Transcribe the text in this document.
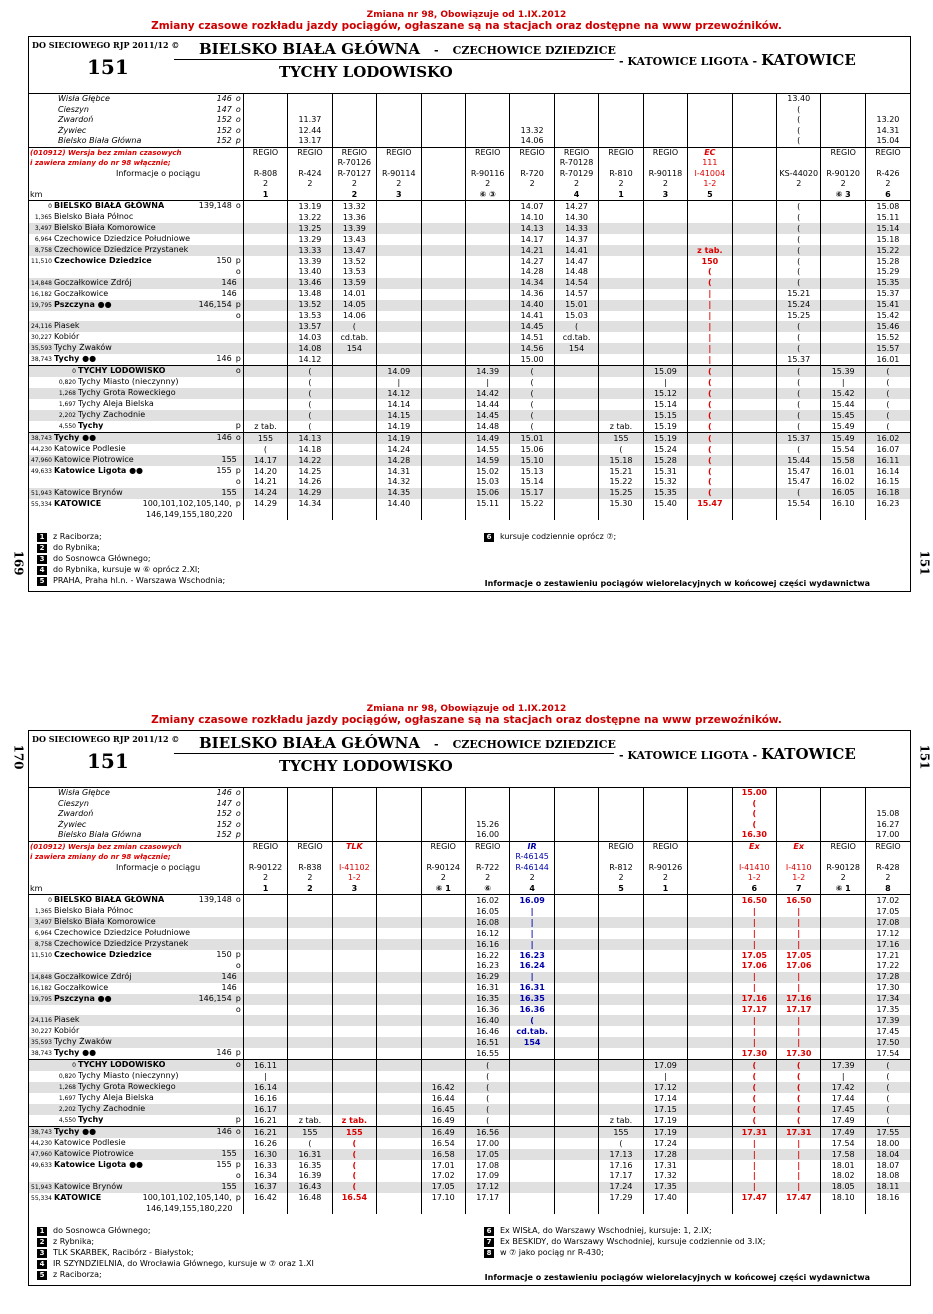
Zmiana nr 98, Obowiązuje od 1.IX.2012
Zmiany czasowe rozkładu jazdy pociągów, ogłaszane są na stacjach oraz dostępne na www przewoźników.
DO SIECIOWEGO RJP 2011/12 ©
151
BIELSKO BIAŁA GŁÓWNA - CZECHOWICE DZIEDZICE
TYCHY LODOWISKO
- KATOWICE LIGOTA - KATOWICE
Wisła Głębce 146 o													13.40		
Cieszyn 147 o													(		
Zwardoń 152 o		11.37											(		13.20
Żywiec 152 o		12.44					13.32						(		14.31
Bielsko Biała Główna 152 p		13.17					14.06						(		15.04
(010912) Wersja bez zmian czasowych	REGIO	REGIO	REGIO	REGIO		REGIO	REGIO	REGIO	REGIO	REGIO	EC			REGIO	REGIO
i zawiera zmiany do nr 98 włącznie;			R-70126					R-70128			111				
Informacje o pociągu	R-808	R-424	R-70127	R-90114		R-90116	R-720	R-70129	R-810	R-90118	I-41004		KS-44020	R-90120	R-426
	2	2	2	2		2	2	2	2	2	1-2		2	2	2
km	1		2	3		⑥ ③		4	1	3	5			⑥ 3	6
0 BIELSKO BIAŁA GŁÓWNA 139,148 o		13.19	13.32				14.07	14.27					(		15.08
1,365 Bielsko Biała Północ		13.22	13.36				14.10	14.30					(		15.11
3,497 Bielsko Biała Komorowice		13.25	13.39				14.13	14.33					(		15.14
6,964 Czechowice Dziedzice Południowe		13.29	13.43				14.17	14.37					(		15.18
8,758 Czechowice Dziedzice Przystanek		13.33	13.47				14.21	14.41			z tab.		(		15.22
11,510 Czechowice Dziedzice 150 p		13.39	13.52				14.27	14.47			150		(		15.28

o		13.40	13.53				14.28	14.48			(		(		15.29
14,848 Goczałkowice Zdrój 146		13.46	13.59				14.34	14.54			(		(		15.35
16,182 Goczałkowice 146		13.48	14.01				14.36	14.57			|		15.21		15.37
19,795 Pszczyna ●● 146,154 p		13.52	14.05				14.40	15.01			|		15.24		15.41

o		13.53	14.06				14.41	15.03			|		15.25		15.42
24,116 Piasek		13.57	(				14.45	(			|		(		15.46
30,227 Kobiór		14.03	cd.tab.				14.51	cd.tab.			|		(		15.52
35,593 Tychy Żwaków		14.08	154				14.56	154			|		(		15.57
38,743 Tychy ●● 146 p		14.12					15.00				|		15.37		16.01
0 TYCHY LODOWISKO o		(		14.09		14.39	(			15.09	(		(	15.39	(
0,820 Tychy Miasto (nieczynny)		(		|		|	(			|	(		(	|	(
1,268 Tychy Grota Roweckiego		(		14.12		14.42	(			15.12	(		(	15.42	(
1,697 Tychy Aleja Bielska		(		14.14		14.44	(			15.14	(		(	15.44	(
2,202 Tychy Zachodnie		(		14.15		14.45	(			15.15	(		(	15.45	(
4,550 Tychy p	z tab.	(		14.19		14.48	(		z tab.	15.19	(		(	15.49	(
38,743 Tychy ●● 146 o	155	14.13		14.19		14.49	15.01		155	15.19	(		15.37	15.49	16.02
44,230 Katowice Podlesie	(	14.18		14.24		14.55	15.06		(	15.24	(		(	15.54	16.07
47,960 Katowice Piotrowice 155	14.17	14.22		14.28		14.59	15.10		15.18	15.28	(		15.44	15.58	16.11
49,633 Katowice Ligota ●● 155 p	14.20	14.25		14.31		15.02	15.13		15.21	15.31	(		15.47	16.01	16.14

o	14.21	14.26		14.32		15.03	15.14		15.22	15.32	(		15.47	16.02	16.15
51,943 Katowice Brynów 155	14.24	14.29		14.35		15.06	15.17		15.25	15.35	(		(	16.05	16.18
55,334 KATOWICE 100,101,102,105,140, p	14.29	14.34		14.40		15.11	15.22		15.30	15.40	15.47		15.54	16.10	16.23
146,149,155,180,220															
1 z Raciborza;
2 do Rybnika;
3 do Sosnowca Głównego;
4 do Rybnika, kursuje w ⑥ oprócz 2.XI;
5 PRAHA, Praha hl.n. - Warszawa Wschodnia;
6 kursuje codziennie oprócz ⑦;
Informacje o zestawieniu pociągów wielorelacyjnych w końcowej części wydawnictwa
169	151
Zmiana nr 98, Obowiązuje od 1.IX.2012
Zmiany czasowe rozkładu jazdy pociągów, ogłaszane są na stacjach oraz dostępne na www przewoźników.
DO SIECIOWEGO RJP 2011/12 ©
151
BIELSKO BIAŁA GŁÓWNA - CZECHOWICE DZIEDZICE
TYCHY LODOWISKO
- KATOWICE LIGOTA - KATOWICE
Wisła Głębce 146 o												15.00			
Cieszyn 147 o												(			
Zwardoń 152 o												(			15.08
Żywiec 152 o						15.26						(			16.27
Bielsko Biała Główna 152 p						16.00						16.30			17.00
(010912) Wersja bez zmian czasowych	REGIO	REGIO	TLK		REGIO	REGIO	IR		REGIO	REGIO		Ex	Ex	REGIO	REGIO
i zawiera zmiany do nr 98 włącznie;							R-46145								
Informacje o pociągu	R-90122	R-838	I-41102		R-90124	R-722	R-46144		R-812	R-90126		I-41410	I-4110	R-90128	R-428
	2	2	1-2		2	2	2		2	2		1-2	1-2	2	2
km	1	2	3		⑥ 1	⑥	4		5	1		6	7	⑥ 1	8
0 BIELSKO BIAŁA GŁÓWNA 139,148 o						16.02	16.09					16.50	16.50		17.02
1,365 Bielsko Biała Północ						16.05	|					|	|		17.05
3,497 Bielsko Biała Komorowice						16.08	|					|	|		17.08
6,964 Czechowice Dziedzice Południowe						16.12	|					|	|		17.12
8,758 Czechowice Dziedzice Przystanek						16.16	|					|	|		17.16
11,510 Czechowice Dziedzice 150 p						16.22	16.23					17.05	17.05		17.21

o						16.23	16.24					17.06	17.06		17.22
14,848 Goczałkowice Zdrój 146						16.29	|					|	|		17.28
16,182 Goczałkowice 146						16.31	16.31					|	|		17.30
19,795 Pszczyna ●● 146,154 p						16.35	16.35					17.16	17.16		17.34

o						16.36	16.36					17.17	17.17		17.35
24,116 Piasek						16.40	(					|	|		17.39
30,227 Kobiór						16.46	cd.tab.					|	|		17.45
35,593 Tychy Żwaków						16.51	154					|	|		17.50
38,743 Tychy ●● 146 p						16.55						17.30	17.30		17.54
0 TYCHY LODOWISKO o	16.11					(				17.09		(	(	17.39	(
0,820 Tychy Miasto (nieczynny)	|					(				|		(	(	|	(
1,268 Tychy Grota Roweckiego	16.14				16.42	(				17.12		(	(	17.42	(
1,697 Tychy Aleja Bielska	16.16				16.44	(				17.14		(	(	17.44	(
2,202 Tychy Zachodnie	16.17				16.45	(				17.15		(	(	17.45	(
4,550 Tychy p	16.21	z tab.	z tab.		16.49	(			z tab.	17.19		(	(	17.49	(
38,743 Tychy ●● 146 o	16.21	155	155		16.49	16.56			155	17.19		17.31	17.31	17.49	17.55
44,230 Katowice Podlesie	16.26	(	(		16.54	17.00			(	17.24		|	|	17.54	18.00
47,960 Katowice Piotrowice 155	16.30	16.31	(		16.58	17.05			17.13	17.28		|	|	17.58	18.04
49,633 Katowice Ligota ●● 155 p	16.33	16.35	(		17.01	17.08			17.16	17.31		|	|	18.01	18.07

o	16.34	16.39	(		17.02	17.09			17.17	17.32		|	|	18.02	18.08
51,943 Katowice Brynów 155	16.37	16.43	(		17.05	17.12			17.24	17.35		|	|	18.05	18.11
55,334 KATOWICE 100,101,102,105,140, p	16.42	16.48	16.54		17.10	17.17			17.29	17.40		17.47	17.47	18.10	18.16
146,149,155,180,220															
1 do Sosnowca Głównego;
2 z Rybnika;
3 TLK SKARBEK, Racibórz - Białystok;
4 IR SZYNDZIELNIA, do Wrocławia Głównego, kursuje w ⑦ oraz 1.XI
5 z Raciborza;
6 Ex WISŁA, do Warszawy Wschodniej, kursuje: 1, 2.IX;
7 Ex BESKIDY, do Warszawy Wschodniej, kursuje codziennie od 3.IX;
8 w ⑦ jako pociąg nr R-430;
Informacje o zestawieniu pociągów wielorelacyjnych w końcowej części wydawnictwa
170	151
